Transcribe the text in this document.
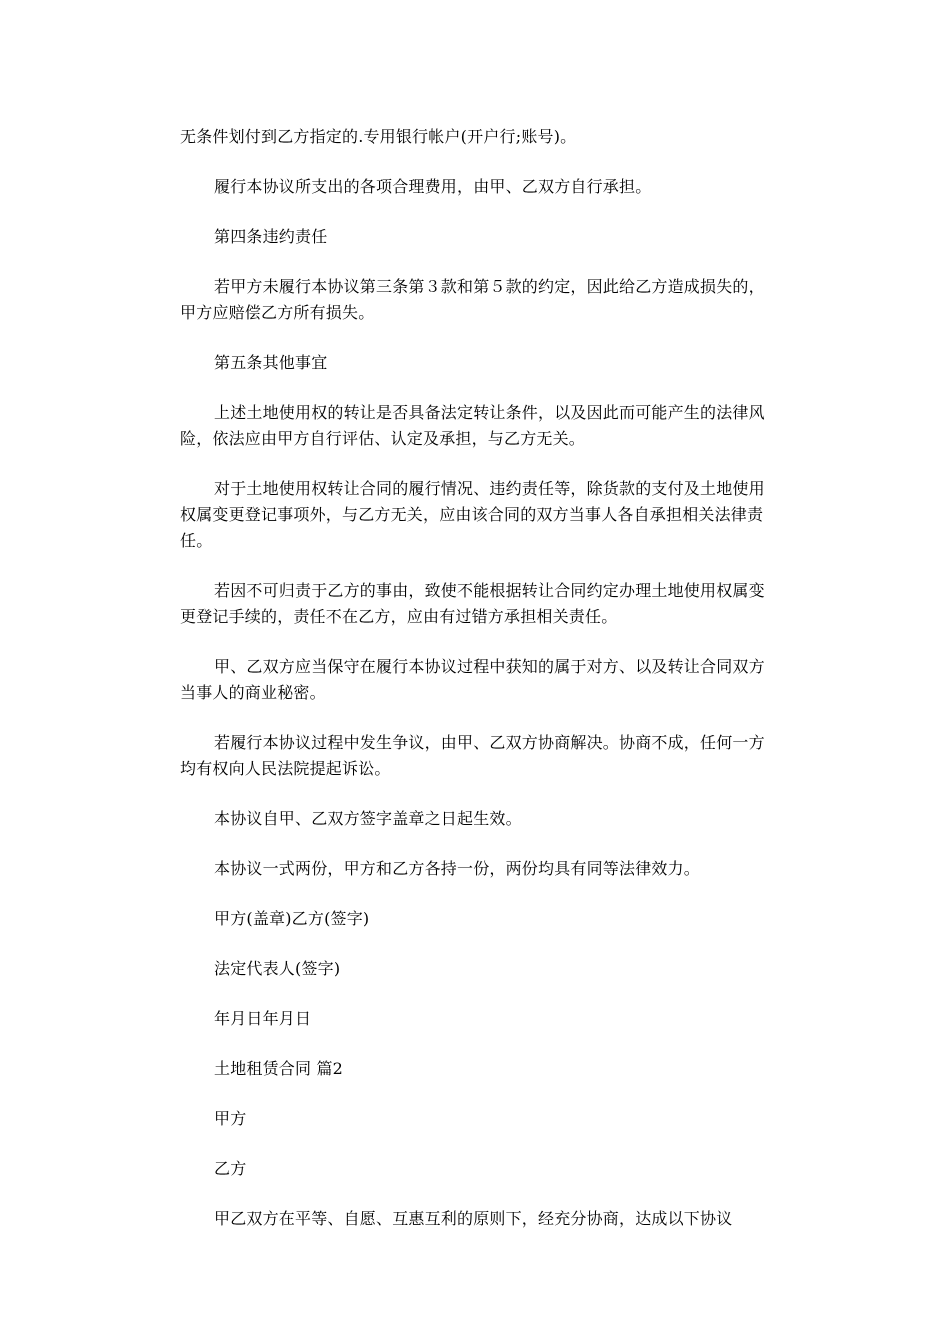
无条件划付到乙方指定的.专用银行帐户(开户行;账号)。

履行本协议所支出的各项合理费用，由甲、乙双方自行承担。

第四条违约责任

若甲方未履行本协议第三条第３款和第５款的约定，因此给乙方造成损失的，甲方应赔偿乙方所有损失。

第五条其他事宜

上述土地使用权的转让是否具备法定转让条件，以及因此而可能产生的法律风险，依法应由甲方自行评估、认定及承担，与乙方无关。

对于土地使用权转让合同的履行情况、违约责任等，除货款的支付及土地使用权属变更登记事项外，与乙方无关，应由该合同的双方当事人各自承担相关法律责任。

若因不可归责于乙方的事由，致使不能根据转让合同约定办理土地使用权属变更登记手续的，责任不在乙方，应由有过错方承担相关责任。

甲、乙双方应当保守在履行本协议过程中获知的属于对方、以及转让合同双方当事人的商业秘密。

若履行本协议过程中发生争议，由甲、乙双方协商解决。协商不成，任何一方均有权向人民法院提起诉讼。

本协议自甲、乙双方签字盖章之日起生效。

本协议一式两份，甲方和乙方各持一份，两份均具有同等法律效力。

甲方(盖章)乙方(签字)

法定代表人(签字)

年月日年月日

土地租赁合同 篇2

甲方

乙方

甲乙双方在平等、自愿、互惠互利的原则下，经充分协商，达成以下协议
